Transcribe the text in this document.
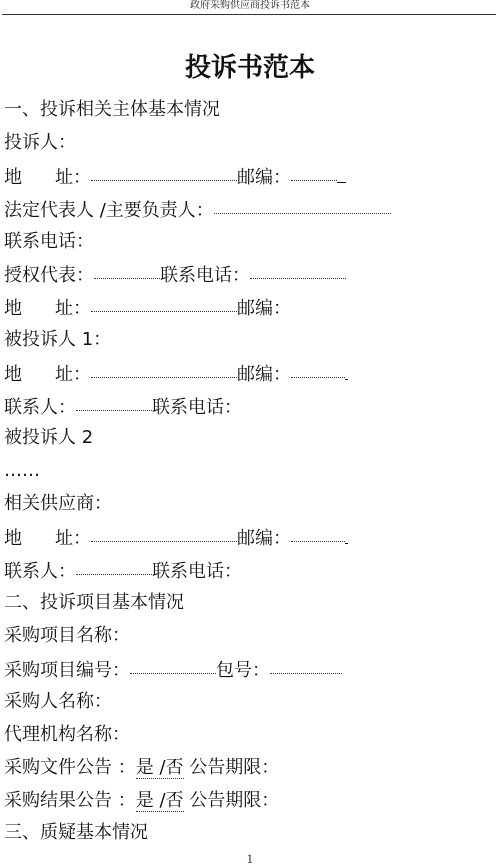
政府采购供应商投诉书范本
投诉书范本
一、投诉相关主体基本情况
投诉人：
地 址：	邮编：
法定代表人 /主要负责人：
联系电话：
授权代表：	联系电话：
地 址：	邮编：
被投诉人 1：
地 址：	邮编：
联系人：	联系电话：
被投诉人 2
……
相关供应商：
地 址：	邮编：
联系人：	联系电话：
二、投诉项目基本情况
采购项目名称：
采购项目编号：	包号：
采购人名称：
代理机构名称：
采购文件公告 ：是 /否 公告期限：
采购结果公告 ：是 /否 公告期限：
三、质疑基本情况
1
